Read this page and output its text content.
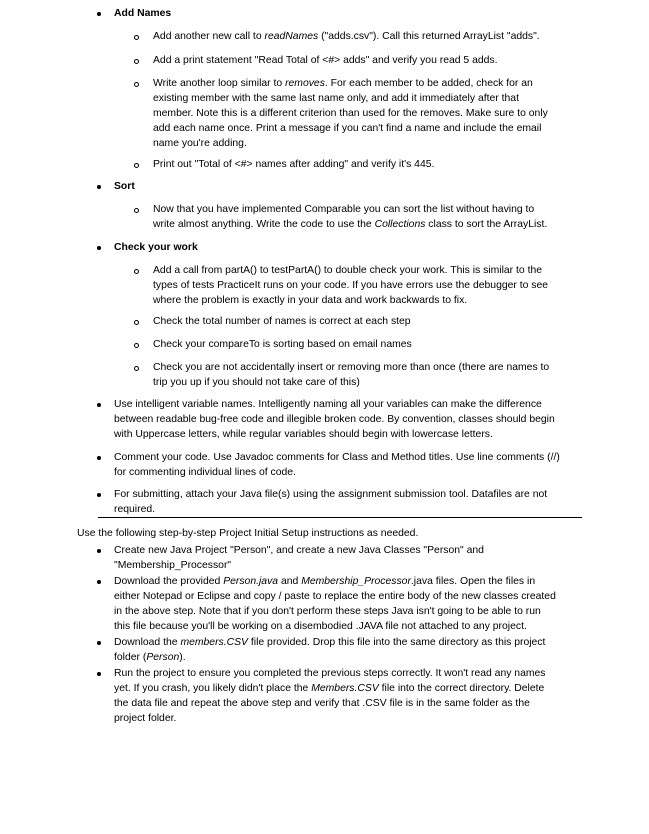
Add Names

Add another new call to readNames ("adds.csv"). Call this returned ArrayList "adds".

Add a print statement "Read Total of <#> adds" and verify you read 5 adds.

Write another loop similar to removes. For each member to be added, check for an

existing member with the same last name only, and add it immediately after that

member. Note this is a different criterion than used for the removes. Make sure to only

add each name once. Print a message if you can't find a name and include the email

name you're adding.

Print out "Total of <#> names after adding" and verify it's 445.

Sort

Now that you have implemented Comparable you can sort the list without having to

write almost anything. Write the code to use the Collections class to sort the ArrayList.

Check your work

Add a call from partA() to testPartA() to double check your work. This is similar to the

types of tests PracticeIt runs on your code. If you have errors use the debugger to see

where the problem is exactly in your data and work backwards to fix.

Check the total number of names is correct at each step

Check your compareTo is sorting based on email names

Check you are not accidentally insert or removing more than once (there are names to

trip you up if you should not take care of this)

Use intelligent variable names. Intelligently naming all your variables can make the difference

between readable bug-free code and illegible broken code. By convention, classes should begin

with Uppercase letters, while regular variables should begin with lowercase letters.

Comment your code. Use Javadoc comments for Class and Method titles. Use line comments (//)

for commenting individual lines of code.

For submitting, attach your Java file(s) using the assignment submission tool. Datafiles are not

required.

Use the following step-by-step Project Initial Setup instructions as needed.

Create new Java Project "Person", and create a new Java Classes "Person" and

"Membership_Processor"

Download the provided Person.java and Membership_Processor.java files. Open the files in

either Notepad or Eclipse and copy / paste to replace the entire body of the new classes created

in the above step. Note that if you don't perform these steps Java isn't going to be able to run

this file because you'll be working on a disembodied .JAVA file not attached to any project.

Download the members.CSV file provided. Drop this file into the same directory as this project

folder (Person).

Run the project to ensure you completed the previous steps correctly. It won't read any names

yet. If you crash, you likely didn't place the Members.CSV file into the correct directory. Delete

the data file and repeat the above step and verify that .CSV file is in the same folder as the

project folder.
